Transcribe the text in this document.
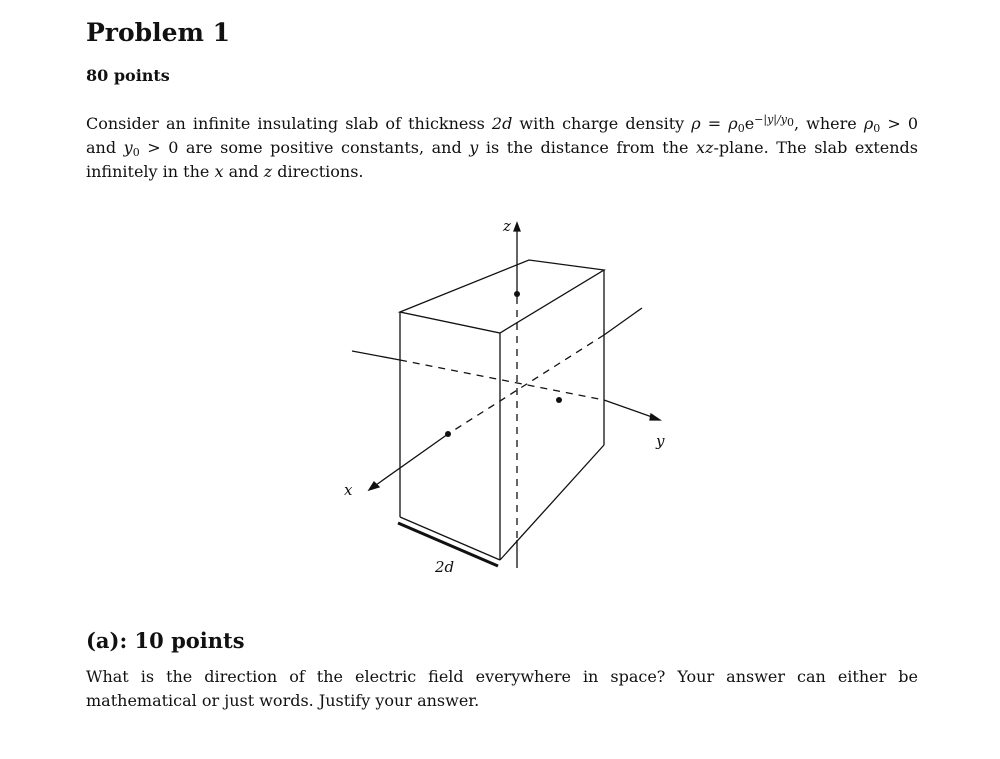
Problem 1

80 points

Consider an infinite insulating slab of thickness 2d with charge density $\rho = \rho_0e^{-|y|/y_0}$, where $\rho_0 > 0$ and $y_0 > 0$ are some positive constants, and y is the distance from the xz-plane. The slab extends infinitely in the x and z directions.

z
y
x
2d
(a): 10 points

What is the direction of the electric field everywhere in space? Your answer can either be mathematical or just words. Justify your answer.
